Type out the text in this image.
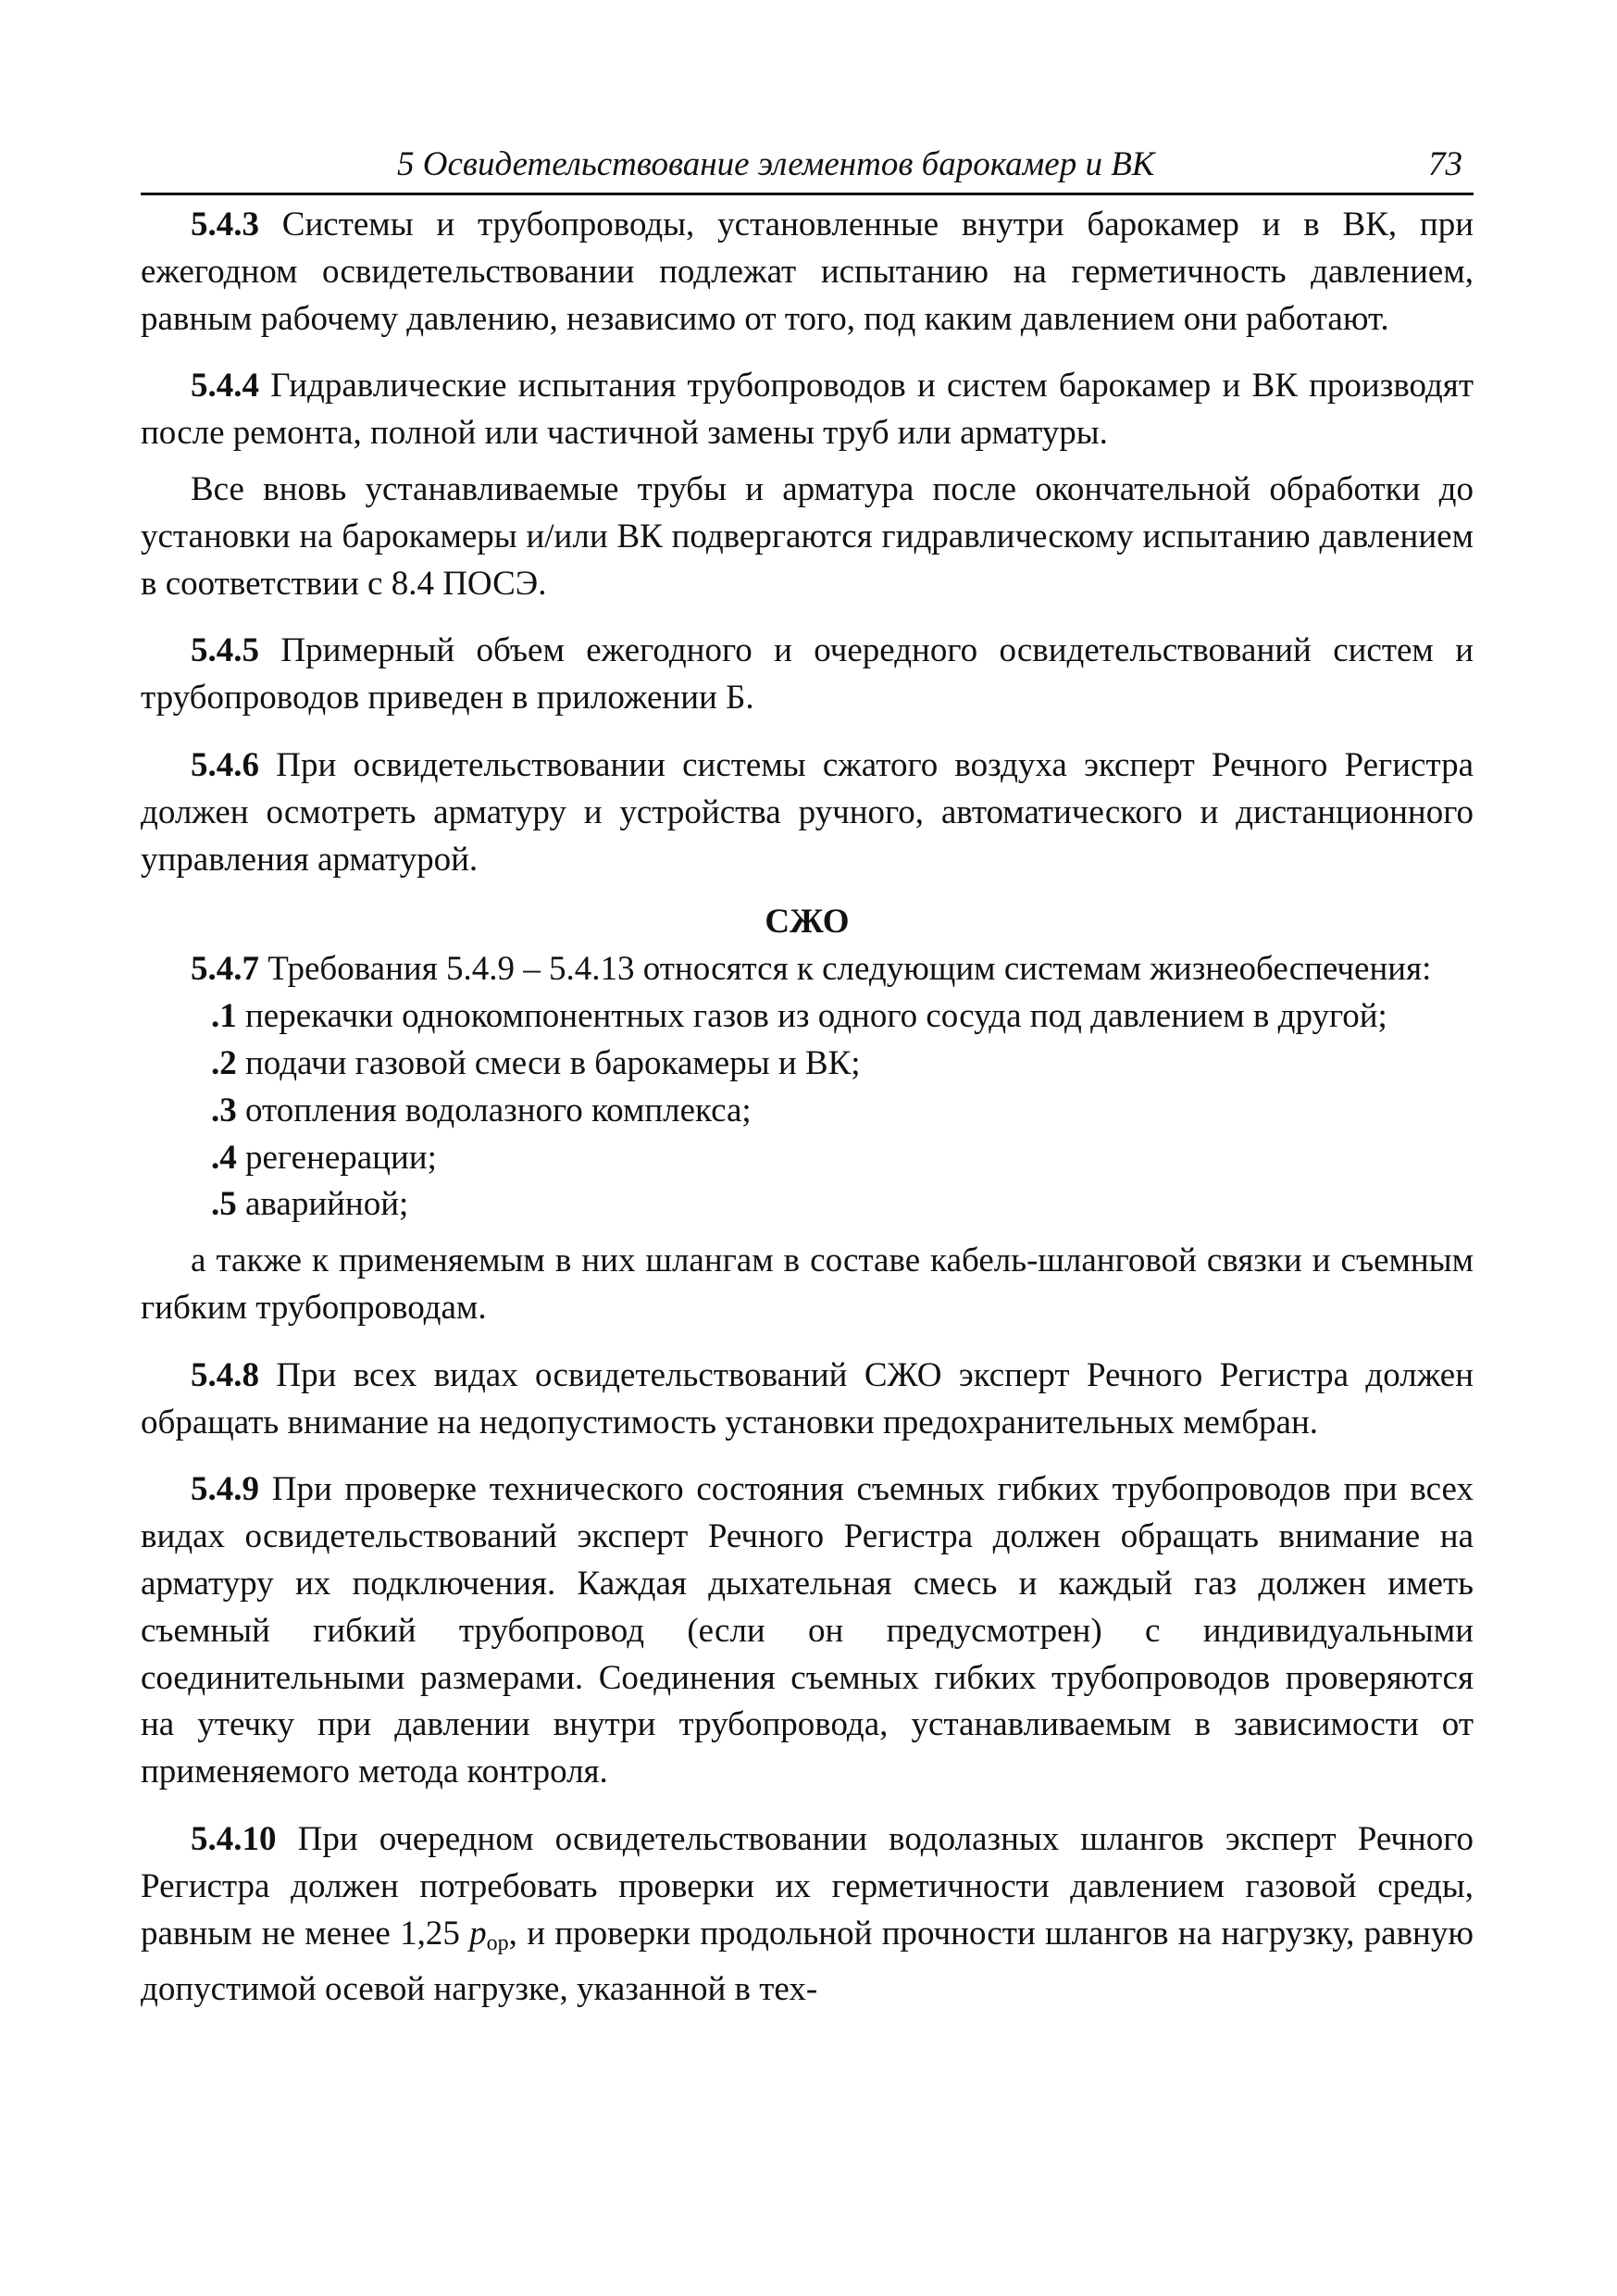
5 Освидетельствование элементов барокамер и ВК	73

5.4.3 Системы и трубопроводы, установленные внутри барокамер и в ВК, при ежегодном освидетельствовании подлежат испытанию на герметичность давлением, равным рабочему давлению, независимо от того, под каким давлением они работают.

5.4.4 Гидравлические испытания трубопроводов и систем барокамер и ВК производят после ремонта, полной или частичной замены труб или арматуры.

Все вновь устанавливаемые трубы и арматура после окончательной обработки до установки на барокамеры и/или ВК подвергаются гидравлическому испытанию давлением в соответствии с 8.4 ПОСЭ.

5.4.5 Примерный объем ежегодного и очередного освидетельствований систем и трубопроводов приведен в приложении Б.

5.4.6 При освидетельствовании системы сжатого воздуха эксперт Речного Регистра должен осмотреть арматуру и устройства ручного, автоматического и дистанционного управления арматурой.

СЖО

5.4.7 Требования 5.4.9 – 5.4.13 относятся к следующим системам жизнеобеспечения:

.1 перекачки однокомпонентных газов из одного сосуда под давлением в другой;

.2 подачи газовой смеси в барокамеры и ВК;

.3 отопления водолазного комплекса;

.4 регенерации;

.5 аварийной;

а также к применяемым в них шлангам в составе кабель-шланговой связки и съемным гибким трубопроводам.

5.4.8 При всех видах освидетельствований СЖО эксперт Речного Регистра должен обращать внимание на недопустимость установки предохранительных мембран.

5.4.9 При проверке технического состояния съемных гибких трубопроводов при всех видах освидетельствований эксперт Речного Регистра должен обращать внимание на арматуру их подключения. Каждая дыхательная смесь и каждый газ должен иметь съемный гибкий трубопровод (если он предусмотрен) с индивидуальными соединительными размерами. Соединения съемных гибких трубопроводов проверяются на утечку при давлении внутри трубопровода, устанавливаемым в зависимости от применяемого метода контроля.

5.4.10 При очередном освидетельствовании водолазных шлангов эксперт Речного Регистра должен потребовать проверки их герметичности давлением газовой среды, равным не менее 1,25 $p_{ор}$, и проверки продольной прочности шлангов на нагрузку, равную допустимой осевой нагрузке, указанной в тех-
